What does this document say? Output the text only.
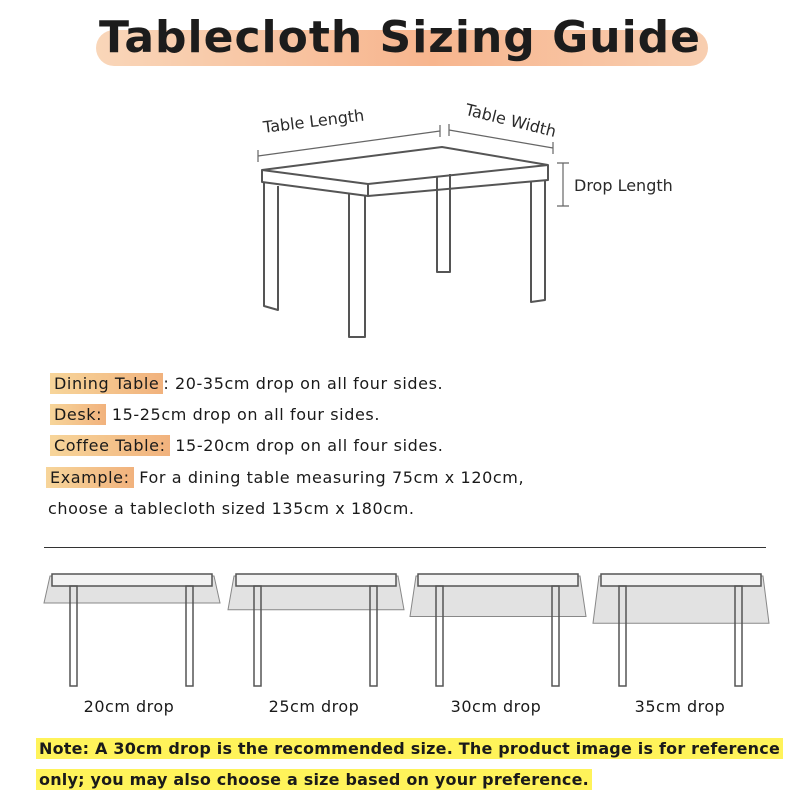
Tablecloth Sizing Guide
Table Length	Table Width
Drop Length
Dining Table : 20-35cm drop on all four sides.
Desk: 15-25cm drop on all four sides.
Coffee Table: 15-20cm drop on all four sides.
Example: For a dining table measuring 75cm x 120cm,
choose a tablecloth sized 135cm x 180cm.
20cm drop	25cm drop	30cm drop	35cm drop
Note: A 30cm drop is the recommended size. The product image is for reference
only; you may also choose a size based on your preference.
